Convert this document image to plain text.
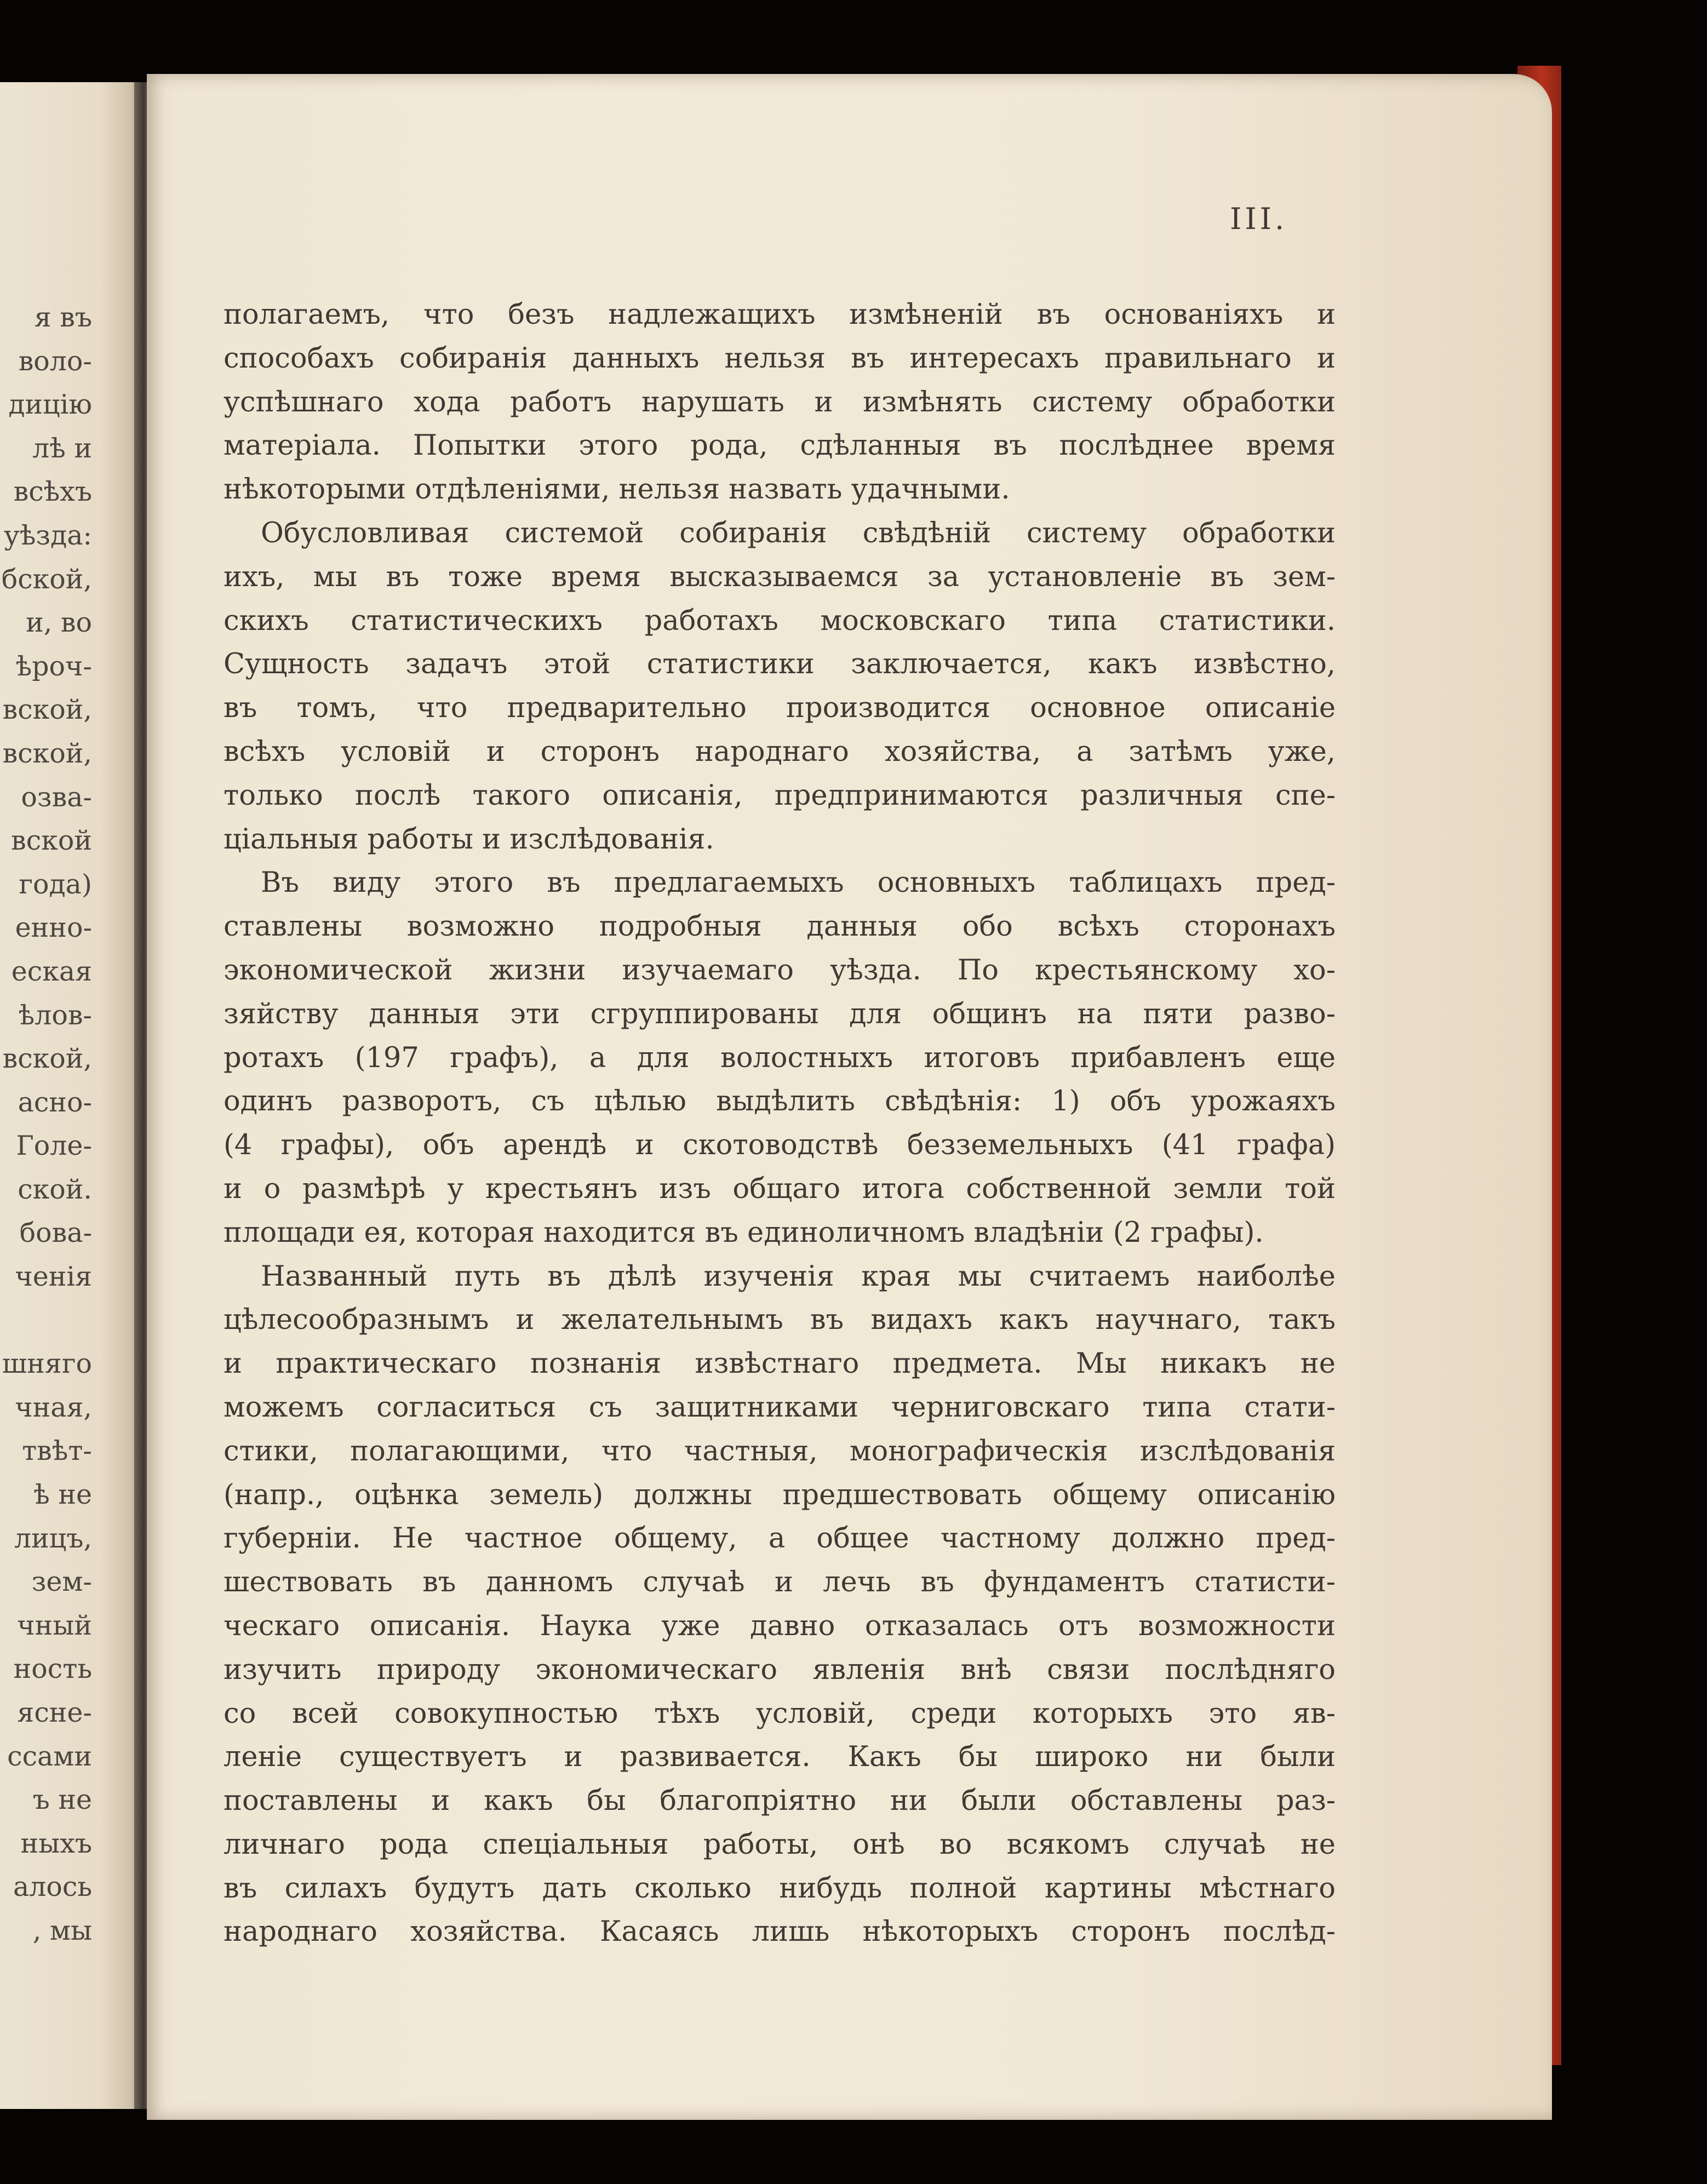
я въ
воло-
дицію
лѣ и
всѣхъ
уѣзда:
бской,
и, во
ѣроч-
вской,
вской,
озва-
вской
года)
енно-
еская
ѣлов-
вской,
асно-
Голе-
ской.
бова-
ченія
шняго
чная,
твѣт-
ѣ не
лицъ,
зем-
чный
ность
ясне-
ссами
ъ не
ныхъ
алось
, мы
III.
полагаемъ, что безъ надлежащихъ измѣненій въ основаніяхъ и
способахъ собиранія данныхъ нельзя въ интересахъ правильнаго и
успѣшнаго хода работъ нарушать и измѣнять систему обработки
матеріала. Попытки этого рода, сдѣланныя въ послѣднее время
нѣкоторыми отдѣленіями, нельзя назвать удачными.
Обусловливая системой собиранія свѣдѣній систему обработки
ихъ, мы въ тоже время высказываемся за установленіе въ зем-
скихъ статистическихъ работахъ московскаго типа статистики.
Сущность задачъ этой статистики заключается, какъ извѣстно,
въ томъ, что предварительно производится основное описаніе
всѣхъ условій и сторонъ народнаго хозяйства, а затѣмъ уже,
только послѣ такого описанія, предпринимаются различныя спе-
ціальныя работы и изслѣдованія.
Въ виду этого въ предлагаемыхъ основныхъ таблицахъ пред-
ставлены возможно подробныя данныя обо всѣхъ сторонахъ
экономической жизни изучаемаго уѣзда. По крестьянскому хо-
зяйству данныя эти сгруппированы для общинъ на пяти разво-
ротахъ (197 графъ), а для волостныхъ итоговъ прибавленъ еще
одинъ разворотъ, съ цѣлью выдѣлить свѣдѣнія: 1) объ урожаяхъ
(4 графы), объ арендѣ и скотоводствѣ безземельныхъ (41 графа)
и о размѣрѣ у крестьянъ изъ общаго итога собственной земли той
площади ея, которая находится въ единоличномъ владѣніи (2 графы).
Названный путь въ дѣлѣ изученія края мы считаемъ наиболѣе
цѣлесообразнымъ и желательнымъ въ видахъ какъ научнаго, такъ
и практическаго познанія извѣстнаго предмета. Мы никакъ не
можемъ согласиться съ защитниками черниговскаго типа стати-
стики, полагающими, что частныя, монографическія изслѣдованія
(напр., оцѣнка земель) должны предшествовать общему описанію
губерніи. Не частное общему, а общее частному должно пред-
шествовать въ данномъ случаѣ и лечь въ фундаментъ статисти-
ческаго описанія. Наука уже давно отказалась отъ возможности
изучить природу экономическаго явленія внѣ связи послѣдняго
со всей совокупностью тѣхъ условій, среди которыхъ это яв-
леніе существуетъ и развивается. Какъ бы широко ни были
поставлены и какъ бы благопріятно ни были обставлены раз-
личнаго рода спеціальныя работы, онѣ во всякомъ случаѣ не
въ силахъ будутъ дать сколько нибудь полной картины мѣстнаго
народнаго хозяйства. Касаясь лишь нѣкоторыхъ сторонъ послѣд-
